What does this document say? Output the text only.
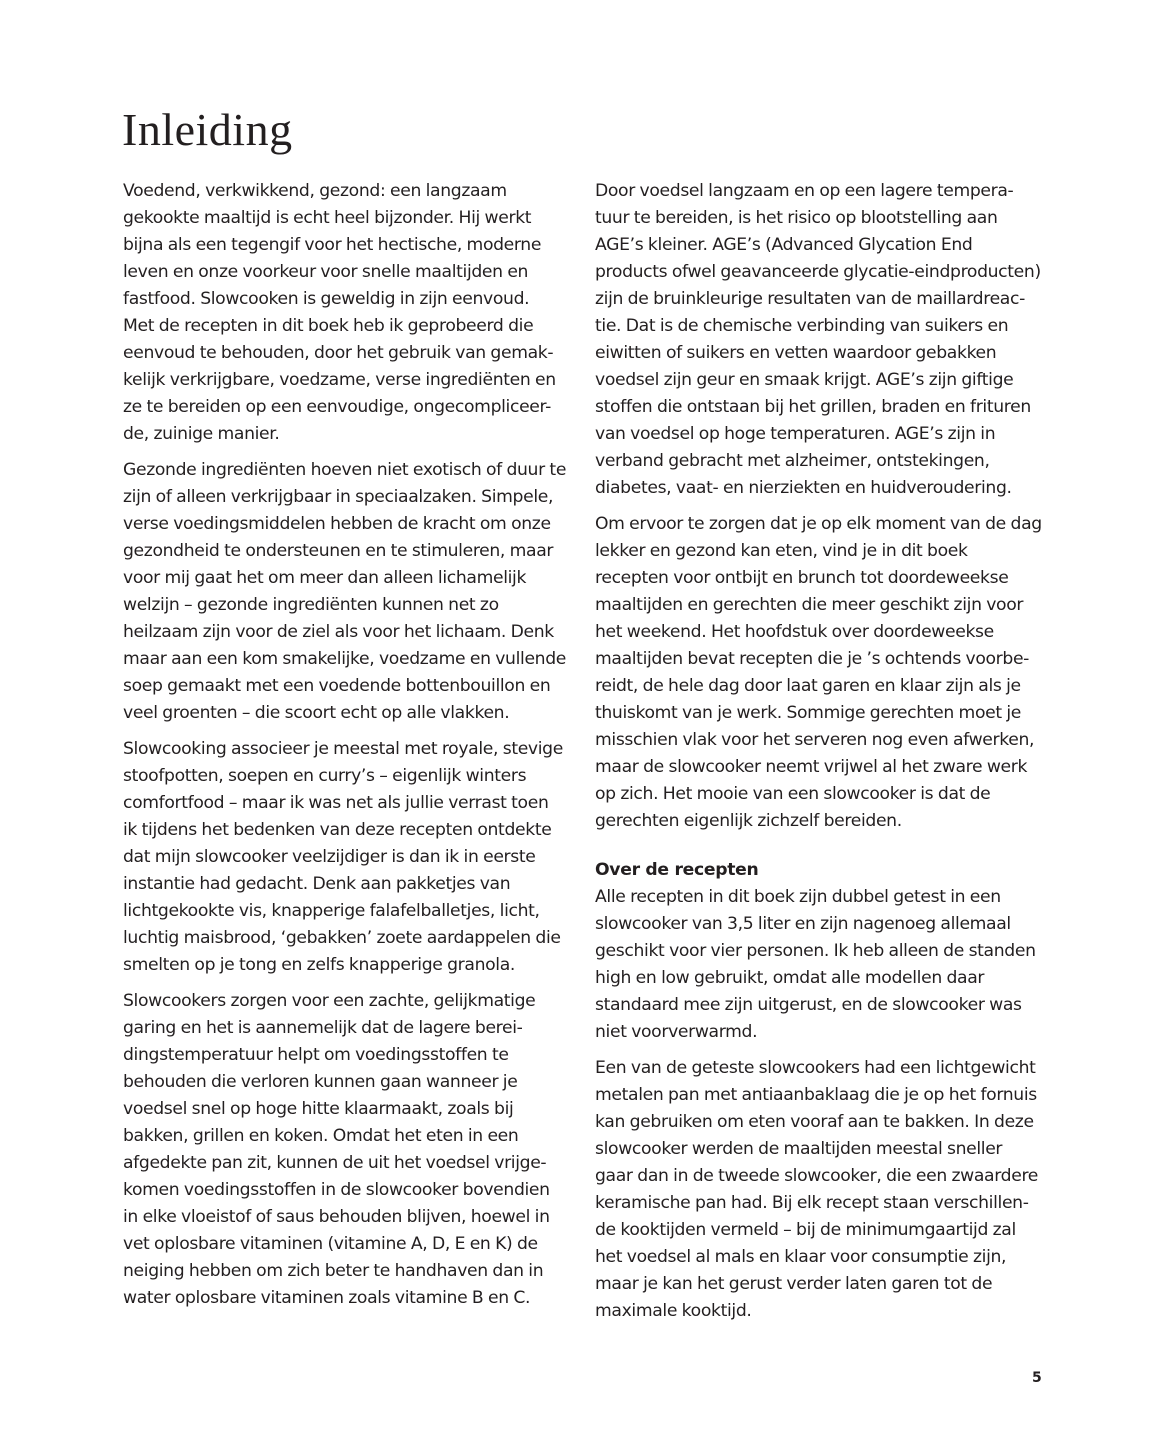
Inleiding

Voedend, verkwikkend, gezond: een langzaam
gekookte maaltijd is echt heel bijzonder. Hij werkt
bijna als een tegengif voor het hectische, moderne
leven en onze voorkeur voor snelle maaltijden en
fastfood. Slowcooken is geweldig in zijn eenvoud.
Met de recepten in dit boek heb ik geprobeerd die
eenvoud te behouden, door het gebruik van gemak-
kelijk verkrijgbare, voedzame, verse ingrediënten en
ze te bereiden op een eenvoudige, ongecompliceer-
de, zuinige manier.

Gezonde ingrediënten hoeven niet exotisch of duur te
zijn of alleen verkrijgbaar in speciaalzaken. Simpele,
verse voedingsmiddelen hebben de kracht om onze
gezondheid te ondersteunen en te stimuleren, maar
voor mij gaat het om meer dan alleen lichamelijk
welzijn – gezonde ingrediënten kunnen net zo
heilzaam zijn voor de ziel als voor het lichaam. Denk
maar aan een kom smakelijke, voedzame en vullende
soep gemaakt met een voedende bottenbouillon en
veel groenten – die scoort echt op alle vlakken.

Slowcooking associeer je meestal met royale, stevige
stoofpotten, soepen en curry’s – eigenlijk winters
comfortfood – maar ik was net als jullie verrast toen
ik tijdens het bedenken van deze recepten ontdekte
dat mijn slowcooker veelzijdiger is dan ik in eerste
instantie had gedacht. Denk aan pakketjes van
lichtgekookte vis, knapperige falafelballetjes, licht,
luchtig maisbrood, ‘gebakken’ zoete aardappelen die
smelten op je tong en zelfs knapperige granola.

Slowcookers zorgen voor een zachte, gelijkmatige
garing en het is aannemelijk dat de lagere berei-
dingstemperatuur helpt om voedingsstoffen te
behouden die verloren kunnen gaan wanneer je
voedsel snel op hoge hitte klaarmaakt, zoals bij
bakken, grillen en koken. Omdat het eten in een
afgedekte pan zit, kunnen de uit het voedsel vrijge-
komen voedingsstoffen in de slowcooker bovendien
in elke vloeistof of saus behouden blijven, hoewel in
vet oplosbare vitaminen (vitamine A, D, E en K) de
neiging hebben om zich beter te handhaven dan in
water oplosbare vitaminen zoals vitamine B en C.

Door voedsel langzaam en op een lagere tempera-
tuur te bereiden, is het risico op blootstelling aan
AGE’s kleiner. AGE’s (Advanced Glycation End
products ofwel geavanceerde glycatie-eindproducten)
zijn de bruinkleurige resultaten van de maillardreac-
tie. Dat is de chemische verbinding van suikers en
eiwitten of suikers en vetten waardoor gebakken
voedsel zijn geur en smaak krijgt. AGE’s zijn giftige
stoffen die ontstaan bij het grillen, braden en frituren
van voedsel op hoge temperaturen. AGE’s zijn in
verband gebracht met alzheimer, ontstekingen,
diabetes, vaat- en nierziekten en huidveroudering.

Om ervoor te zorgen dat je op elk moment van de dag
lekker en gezond kan eten, vind je in dit boek
recepten voor ontbijt en brunch tot doordeweekse
maaltijden en gerechten die meer geschikt zijn voor
het weekend. Het hoofdstuk over doordeweekse
maaltijden bevat recepten die je ’s ochtends voorbe-
reidt, de hele dag door laat garen en klaar zijn als je
thuiskomt van je werk. Sommige gerechten moet je
misschien vlak voor het serveren nog even afwerken,
maar de slowcooker neemt vrijwel al het zware werk
op zich. Het mooie van een slowcooker is dat de
gerechten eigenlijk zichzelf bereiden.

Over de recepten

Alle recepten in dit boek zijn dubbel getest in een
slowcooker van 3,5 liter en zijn nagenoeg allemaal
geschikt voor vier personen. Ik heb alleen de standen
high en low gebruikt, omdat alle modellen daar
standaard mee zijn uitgerust, en de slowcooker was
niet voorverwarmd.

Een van de geteste slowcookers had een lichtgewicht
metalen pan met antiaanbaklaag die je op het fornuis
kan gebruiken om eten vooraf aan te bakken. In deze
slowcooker werden de maaltijden meestal sneller
gaar dan in de tweede slowcooker, die een zwaardere
keramische pan had. Bij elk recept staan verschillen-
de kooktijden vermeld – bij de minimumgaartijd zal
het voedsel al mals en klaar voor consumptie zijn,
maar je kan het gerust verder laten garen tot de
maximale kooktijd.

5
